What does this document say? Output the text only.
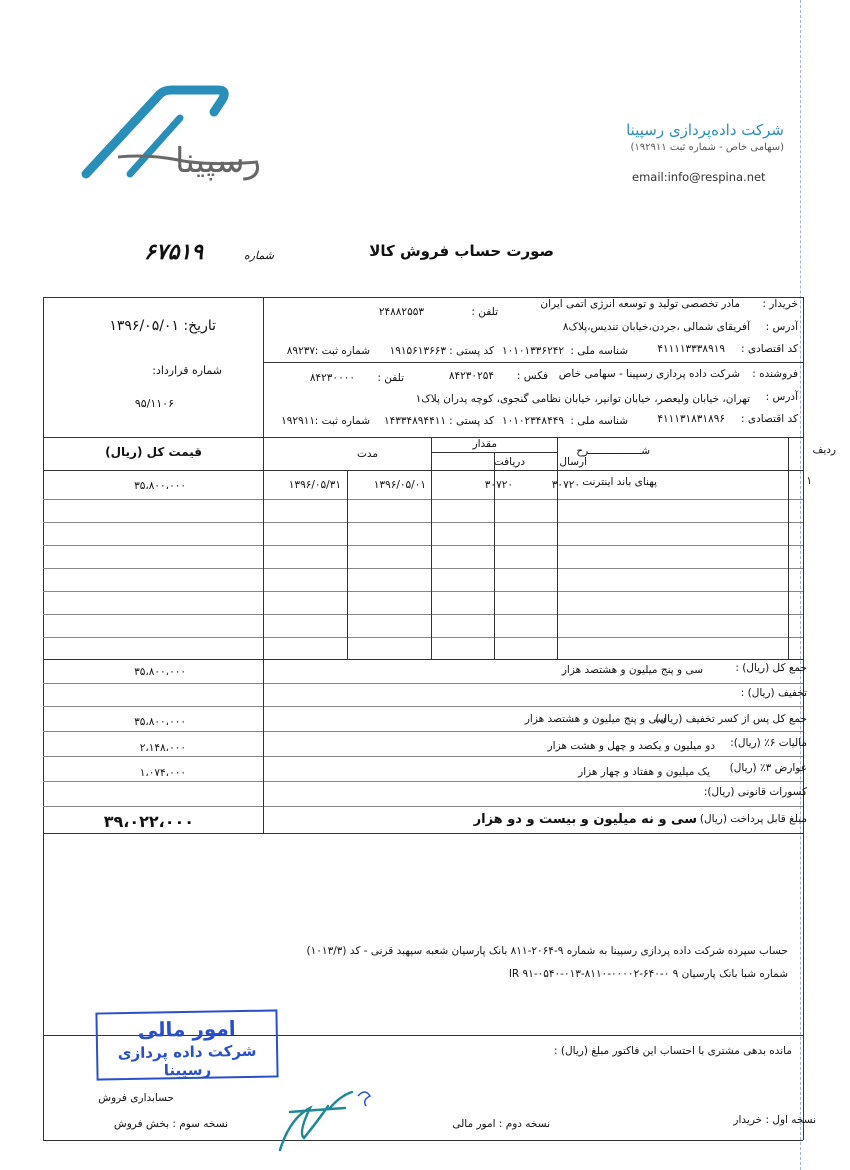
رسپینا
شرکت داده‌پردازی رسپینا
(سهامی خاص - شماره ثبت ۱۹۲۹۱۱)
email:info@respina.net
صورت حساب فروش کالا
شماره
۶۷۵۱۹
تاریخ: ۱۳۹۶/۰۵/۰۱
شماره قرارداد:
۹۵/۱۱۰۶
خریدار :
مادر تخصصی تولید و توسعه انرژی اتمی ایران
تلفن :
۲۴۸۸۲۵۵۳
آدرس :
آفریقای شمالی ،جردن،خیابان تندیس،پلاک۸
کد اقتصادی :
۴۱۱۱۱۳۳۳۸۹۱۹
شناسه ملی :
۱۰۱۰۱۳۳۶۲۴۲
کد پستی :
۱۹۱۵۶۱۳۶۶۳
شماره ثبت :
۸۹۲۳۷
فروشنده :
شرکت داده پردازی رسپینا - سهامی خاص
فکس :
۸۴۲۳۰۲۵۴
تلفن :
۸۴۲۳۰۰۰۰
آدرس :
تهران، خیابان ولیعصر، خیابان توانیر، خیابان نظامی گنجوی، کوچه پدران پلاک۱
کد اقتصادی :
۴۱۱۱۳۱۸۳۱۸۹۶
شناسه ملی :
۱۰۱۰۲۳۴۸۴۴۹
کد پستی :
۱۴۳۳۴۸۹۴۴۱۱
شماره ثبت :
۱۹۲۹۱۱
ردیف
شـــــــــــــــــرح
مقدار
ارسال
دریافت
مدت
قیمت کل (ریال)
۱
پهنای باند اینترنت
۳۰۷۲۰
۳۰۷۲۰
۱۳۹۶/۰۵/۰۱
۱۳۹۶/۰۵/۳۱
۳۵،۸۰۰،۰۰۰
جمع کل (ریال) :
سی و پنج میلیون و هشتصد هزار
۳۵،۸۰۰،۰۰۰
تخفیف (ریال) :
جمع کل پس از کسر تخفیف (ریال)
سی و پنج میلیون و هشتصد هزار
۳۵،۸۰۰،۰۰۰
مالیات ۶٪ (ریال):
دو میلیون و یکصد و چهل و هشت هزار
۲،۱۴۸،۰۰۰
عوارض ۳٪ (ریال)
یک میلیون و هفتاد و چهار هزار
۱،۰۷۴،۰۰۰
کسورات قانونی (ریال):
مبلغ قابل پرداخت (ریال)
سی و نه میلیون و بیست و دو هزار
۳۹،۰۲۲،۰۰۰
حساب سپرده شرکت داده پردازی رسپینا به شماره ۹-۲۰۶۴-۸۱۱ بانک پارسیان شعبه سپهبد قرنی - کد (۱۰۱۳/۳)
شماره شبا بانک پارسیان IR ۹۱-۰۵۴۰-۰۱۳-۸۱۱۰-۰۰۰۰۲-۶۴۰-۰ ۹
مانده بدهی مشتری با احتساب این فاکتور مبلغ (ریال) :
امور مالی
شرکت داده پردازی رسپینا
حسابداری فروش
نسخه اول : خریدار
نسخه دوم : امور مالی
نسخه سوم : بخش فروش
